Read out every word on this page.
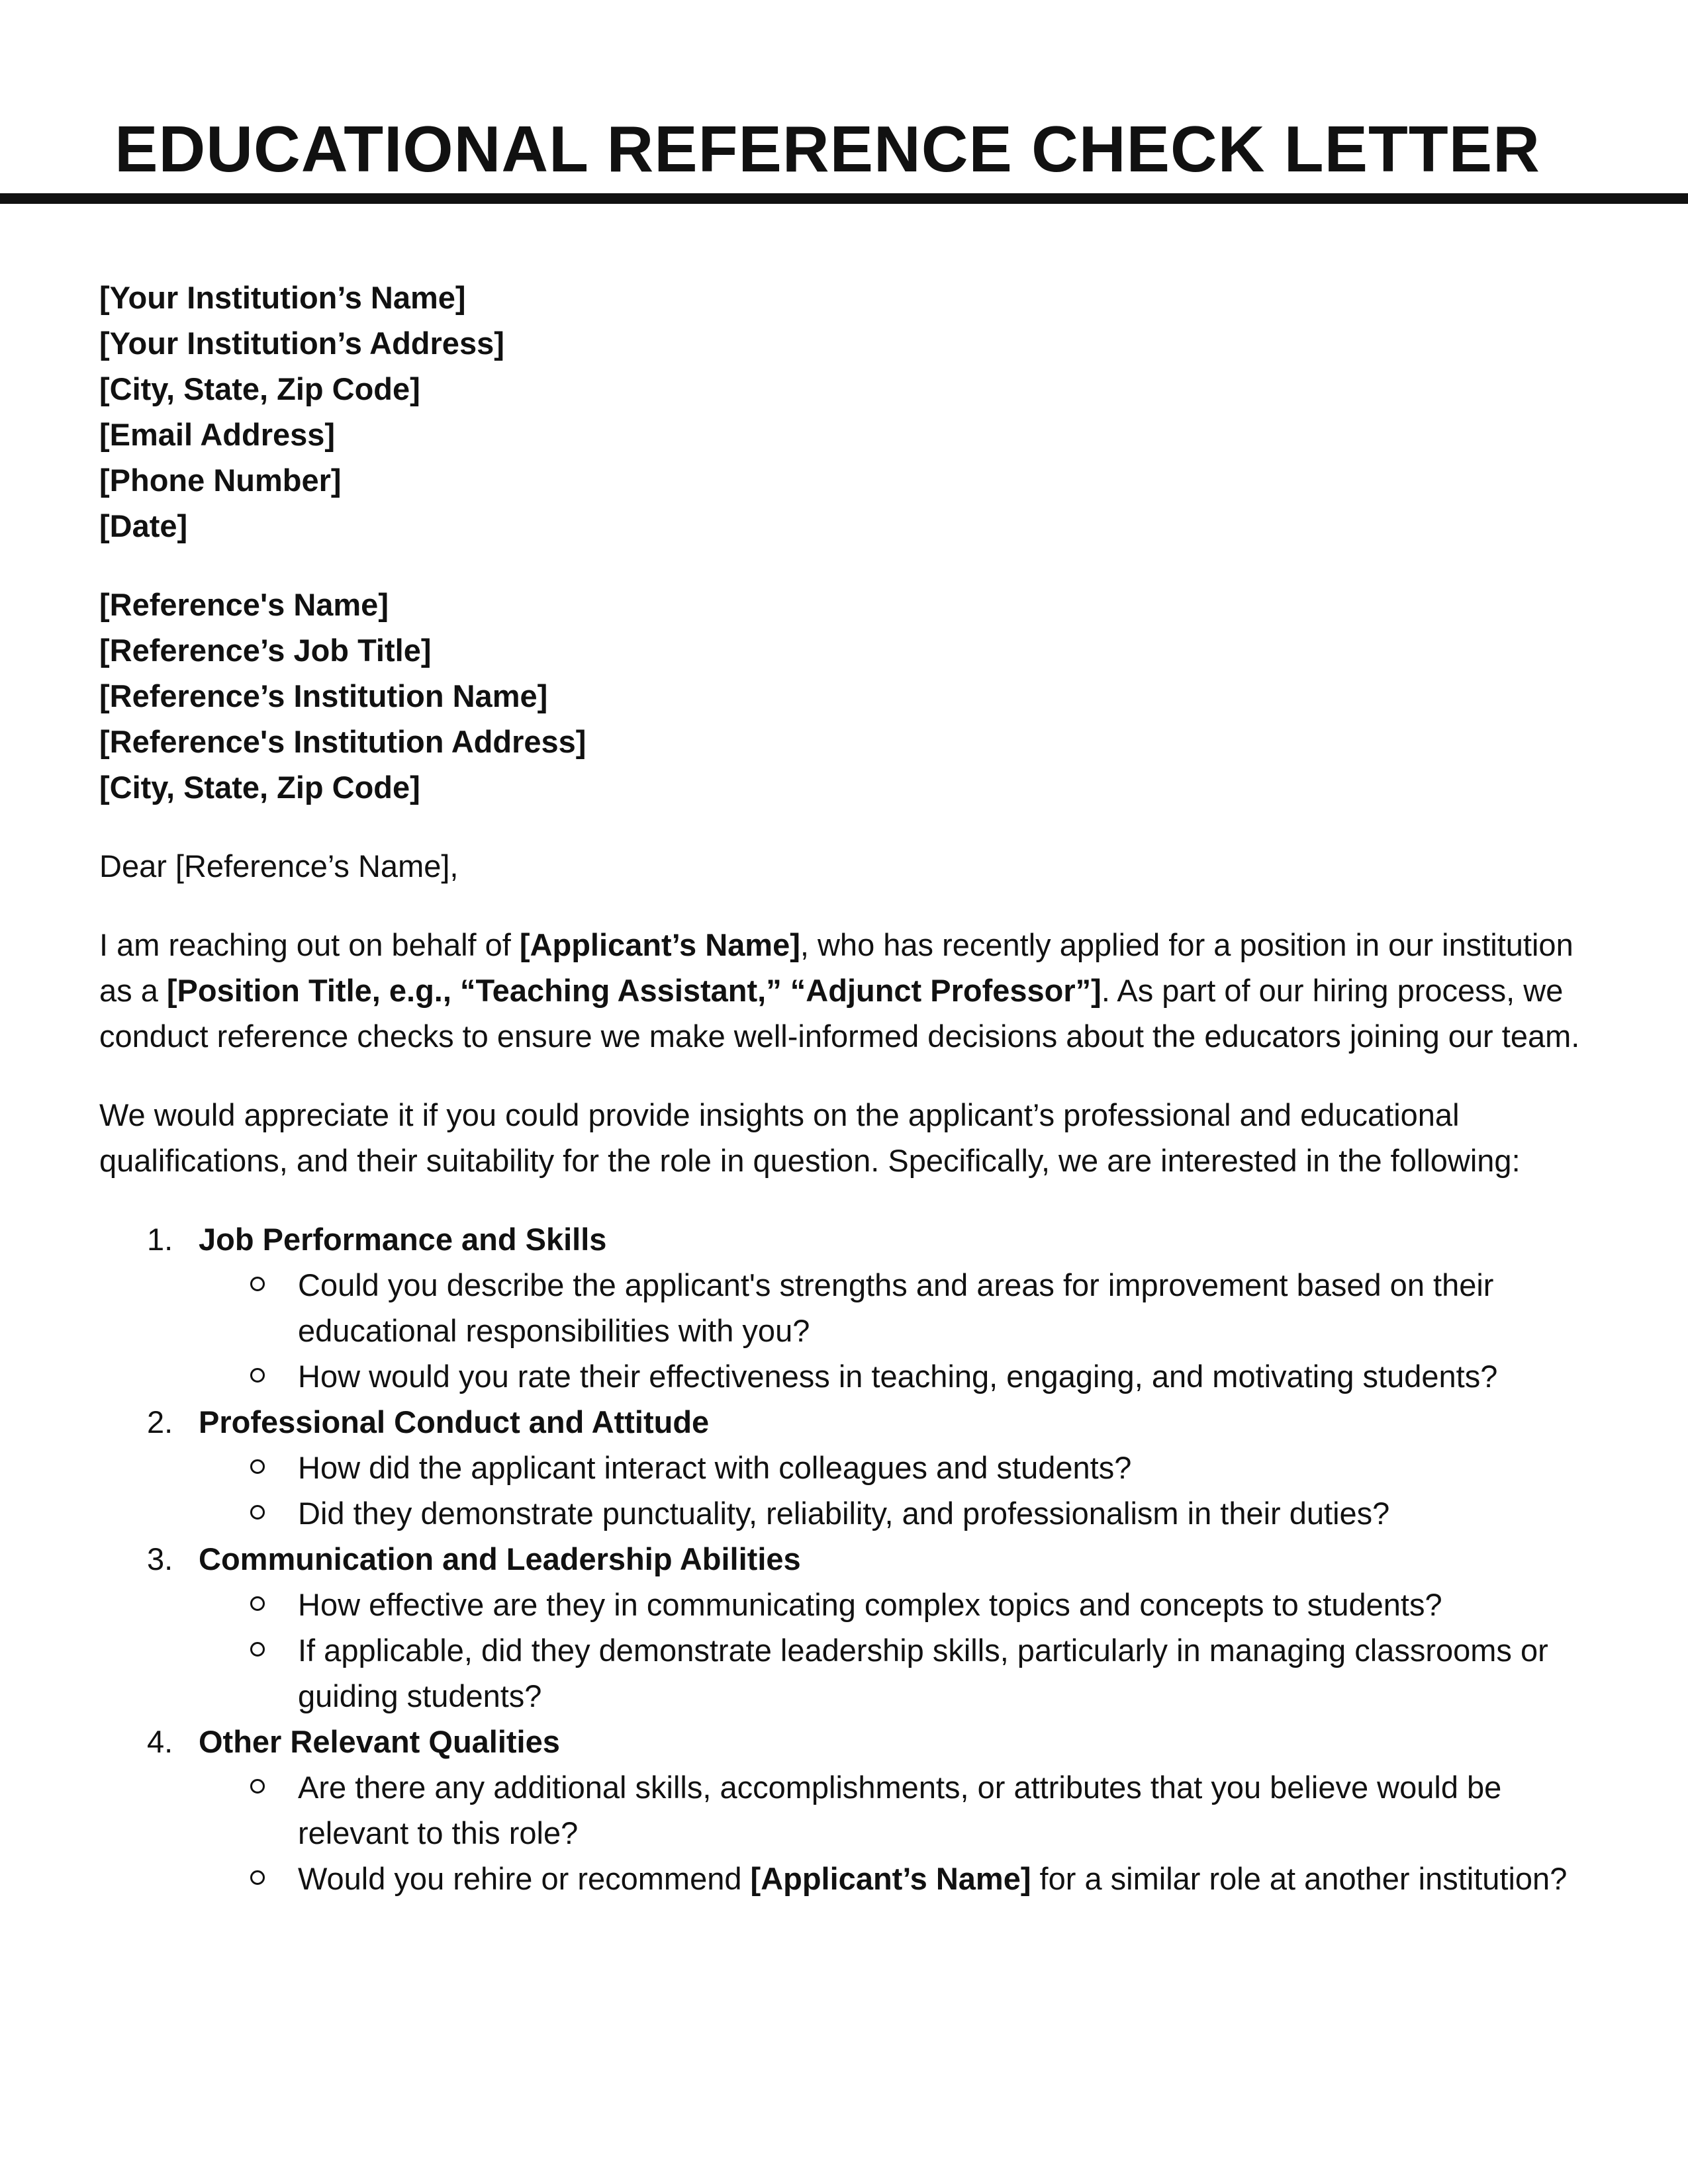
EDUCATIONAL REFERENCE CHECK LETTER
[Your Institution’s Name]
[Your Institution’s Address]
[City, State, Zip Code]
[Email Address]
[Phone Number]
[Date]
[Reference's Name]
[Reference’s Job Title]
[Reference’s Institution Name]
[Reference's Institution Address]
[City, State, Zip Code]

Dear [Reference’s Name],

I am reaching out on behalf of [Applicant’s Name], who has recently applied for a position in our institution as a [Position Title, e.g., “Teaching Assistant,” “Adjunct Professor”]. As part of our hiring process, we conduct reference checks to ensure we make well-informed decisions about the educators joining our team.

We would appreciate it if you could provide insights on the applicant’s professional and educational qualifications, and their suitability for the role in question. Specifically, we are interested in the following:

1. Job Performance and Skills
Could you describe the applicant's strengths and areas for improvement based on their educational responsibilities with you?
How would you rate their effectiveness in teaching, engaging, and motivating students?
2. Professional Conduct and Attitude
How did the applicant interact with colleagues and students?
Did they demonstrate punctuality, reliability, and professionalism in their duties?
3. Communication and Leadership Abilities
How effective are they in communicating complex topics and concepts to students?
If applicable, did they demonstrate leadership skills, particularly in managing classrooms or guiding students?
4. Other Relevant Qualities
Are there any additional skills, accomplishments, or attributes that you believe would be relevant to this role?
Would you rehire or recommend [Applicant’s Name] for a similar role at another institution?
